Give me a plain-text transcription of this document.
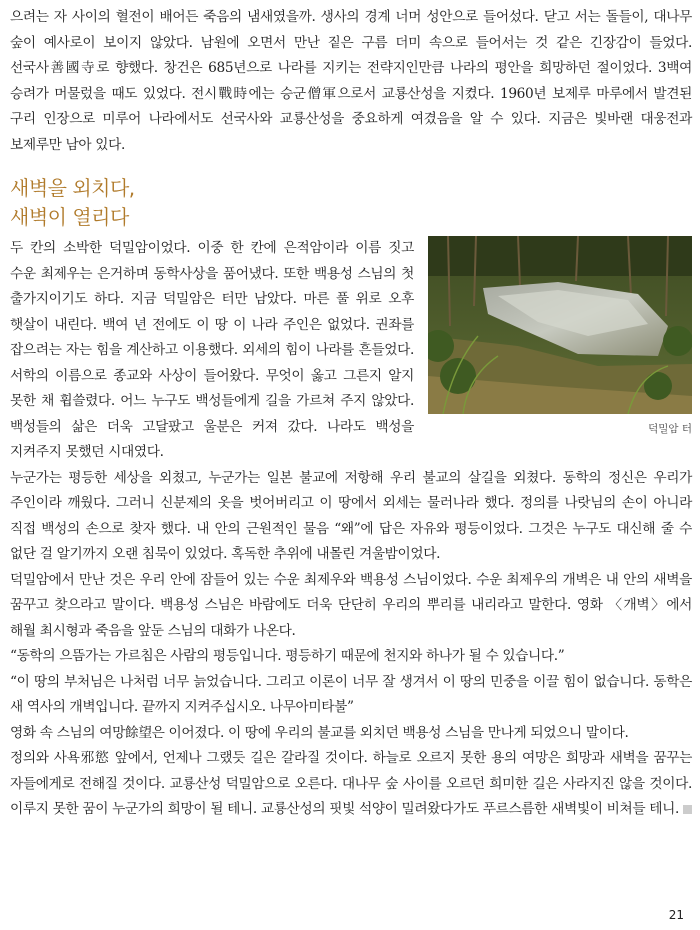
으려는 자 사이의 혈전이 배어든 죽음의 냄새였을까. 생사의 경계 너머 성안으로 들어섰다. 닫고 서는 돌들이, 대나무 숲이 예사로이 보이지 않았다. 남원에 오면서 만난 짙은 구름 더미 속으로 들어서는 것 같은 긴장감이 들었다. 선국사善國寺로 향했다. 창건은 685년으로 나라를 지키는 전략지인만큼 나라의 평안을 희망하던 절이었다. 3백여 승려가 머물렀을 때도 있었다. 전시戰時에는 승군僧軍으로서 교룡산성을 지켰다. 1960년 보제루 마루에서 발견된 구리 인장으로 미루어 나라에서도 선국사와 교룡산성을 중요하게 여겼음을 알 수 있다. 지금은 빛바랜 대웅전과 보제루만 남아 있다.

새벽을 외치다,
새벽이 열리다
덕밀암 터

두 칸의 소박한 덕밀암이었다. 이중 한 칸에 은적암이라 이름 짓고 수운 최제우는 은거하며 동학사상을 품어냈다. 또한 백용성 스님의 첫 출가지이기도 하다. 지금 덕밀암은 터만 남았다. 마른 풀 위로 오후 햇살이 내린다. 백여 년 전에도 이 땅 이 나라 주인은 없었다. 권좌를 잡으려는 자는 힘을 계산하고 이용했다. 외세의 힘이 나라를 흔들었다. 서학의 이름으로 종교와 사상이 들어왔다. 무엇이 옳고 그른지 알지 못한 채 휩쓸렸다. 어느 누구도 백성들에게 길을 가르쳐 주지 않았다. 백성들의 삶은 더욱 고달팠고 울분은 커져 갔다. 나라도 백성을 지켜주지 못했던 시대였다.

누군가는 평등한 세상을 외쳤고, 누군가는 일본 불교에 저항해 우리 불교의 살길을 외쳤다. 동학의 정신은 우리가 주인이라 깨웠다. 그러니 신분제의 옷을 벗어버리고 이 땅에서 외세는 물러나라 했다. 정의를 나랏님의 손이 아니라 직접 백성의 손으로 찾자 했다. 내 안의 근원적인 물음 “왜”에 답은 자유와 평등이었다. 그것은 누구도 대신해 줄 수 없단 걸 알기까지 오랜 침묵이 있었다. 혹독한 추위에 내몰린 겨울밤이었다.

덕밀암에서 만난 것은 우리 안에 잠들어 있는 수운 최제우와 백용성 스님이었다. 수운 최제우의 개벽은 내 안의 새벽을 꿈꾸고 찾으라고 말이다. 백용성 스님은 바람에도 더욱 단단히 우리의 뿌리를 내리라고 말한다. 영화 〈개벽〉에서 해월 최시형과 죽음을 앞둔 스님의 대화가 나온다.

“동학의 으뜸가는 가르침은 사람의 평등입니다. 평등하기 때문에 천지와 하나가 될 수 있습니다.”

“이 땅의 부처님은 나처럼 너무 늙었습니다. 그리고 이론이 너무 잘 생겨서 이 땅의 민중을 이끌 힘이 없습니다. 동학은 새 역사의 개벽입니다. 끝까지 지켜주십시오. 나무아미타불”

영화 속 스님의 여망餘望은 이어졌다. 이 땅에 우리의 불교를 외치던 백용성 스님을 만나게 되었으니 말이다.

정의와 사욕邪慾 앞에서, 언제나 그랬듯 길은 갈라질 것이다. 하늘로 오르지 못한 용의 여망은 희망과 새벽을 꿈꾸는 자들에게로 전해질 것이다. 교룡산성 덕밀암으로 오른다. 대나무 숲 사이를 오르던 희미한 길은 사라지진 않을 것이다. 이루지 못한 꿈이 누군가의 희망이 될 테니. 교룡산성의 핏빛 석양이 밀려왔다가도 푸르스름한 새벽빛이 비쳐들 테니.

21
